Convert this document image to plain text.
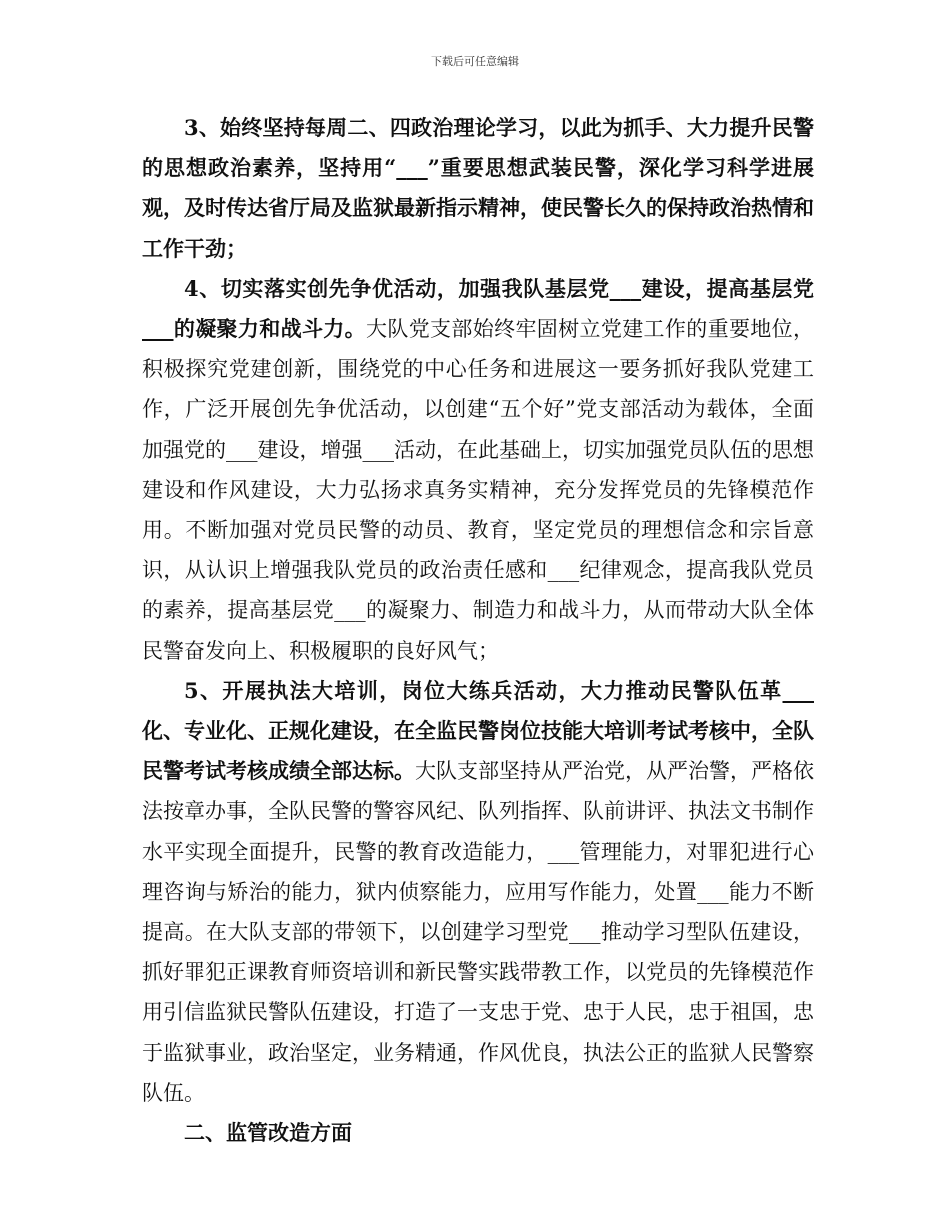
下载后可任意编辑

3、始终坚持每周二、四政治理论学习，以此为抓手、大力提升民警的思想政治素养，坚持用“___”重要思想武装民警，深化学习科学进展观，及时传达省厅局及监狱最新指示精神，使民警长久的保持政治热情和工作干劲；

4、切实落实创先争优活动，加强我队基层党___建设，提高基层党___的凝聚力和战斗力。大队党支部始终牢固树立党建工作的重要地位，积极探究党建创新，围绕党的中心任务和进展这一要务抓好我队党建工作，广泛开展创先争优活动，以创建“五个好”党支部活动为载体，全面加强党的___建设，增强___活动，在此基础上，切实加强党员队伍的思想建设和作风建设，大力弘扬求真务实精神，充分发挥党员的先锋模范作用。不断加强对党员民警的动员、教育，坚定党员的理想信念和宗旨意识，从认识上增强我队党员的政治责任感和___纪律观念，提高我队党员的素养，提高基层党___的凝聚力、制造力和战斗力，从而带动大队全体民警奋发向上、积极履职的良好风气；

5、开展执法大培训，岗位大练兵活动，大力推动民警队伍革___化、专业化、正规化建设，在全监民警岗位技能大培训考试考核中，全队民警考试考核成绩全部达标。大队支部坚持从严治党，从严治警，严格依法按章办事，全队民警的警容风纪、队列指挥、队前讲评、执法文书制作水平实现全面提升，民警的教育改造能力，___管理能力，对罪犯进行心理咨询与矫治的能力，狱内侦察能力，应用写作能力，处置___能力不断提高。在大队支部的带领下，以创建学习型党___推动学习型队伍建设，抓好罪犯正课教育师资培训和新民警实践带教工作，以党员的先锋模范作用引信监狱民警队伍建设，打造了一支忠于党、忠于人民，忠于祖国，忠于监狱事业，政治坚定，业务精通，作风优良，执法公正的监狱人民警察队伍。

二、监管改造方面
